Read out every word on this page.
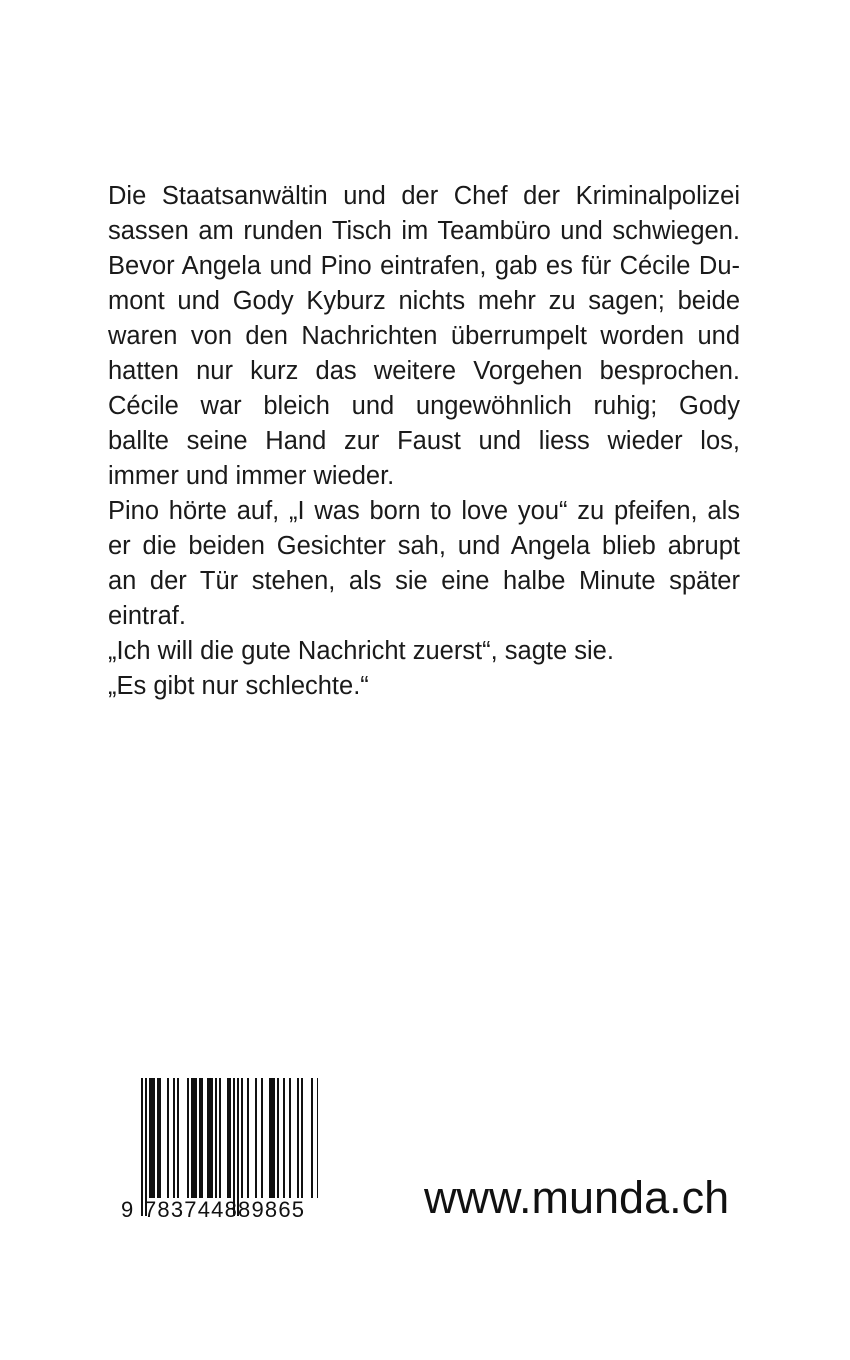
Die Staatsanwältin und der Chef der Kriminalpolizei
sassen am runden Tisch im Teambüro und schwiegen.
Bevor Angela und Pino eintrafen, gab es für Cécile Du-
mont und Gody Kyburz nichts mehr zu sagen; beide
waren von den Nachrichten überrumpelt worden und
hatten nur kurz das weitere Vorgehen besprochen.
Cécile war bleich und ungewöhnlich ruhig; Gody
ballte seine Hand zur Faust und liess wieder los,
immer und immer wieder.
Pino hörte auf, „I was born to love you“ zu pfeifen, als
er die beiden Gesichter sah, und Angela blieb abrupt
an der Tür stehen, als sie eine halbe Minute später
eintraf.
„Ich will die gute Nachricht zuerst“, sagte sie.
„Es gibt nur schlechte.“
9 783744889865	www.munda.ch
